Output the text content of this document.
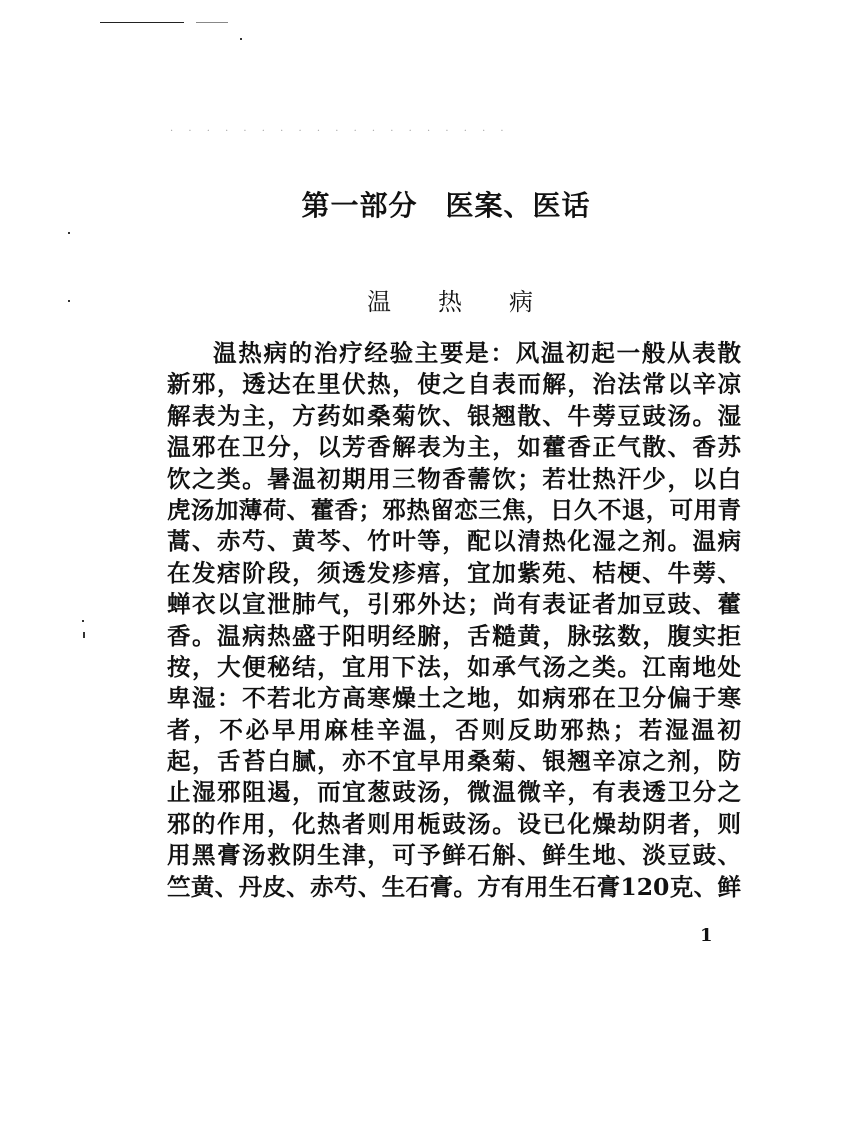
· · · · · · · · · · · · · · · · · · ·
第一部分 医案、医话
温 热 病
温热病的治疗经验主要是：风温初起一般从表散
新邪，透达在里伏热，使之自表而解，治法常以辛凉
解表为主，方药如桑菊饮、银翘散、牛蒡豆豉汤。湿
温邪在卫分，以芳香解表为主，如藿香正气散、香苏
饮之类。暑温初期用三物香薷饮；若壮热汗少，以白
虎汤加薄荷、藿香；邪热留恋三焦，日久不退，可用青
蒿、赤芍、黄芩、竹叶等，配以清热化湿之剂。温病
在发痞阶段，须透发疹痦，宜加紫苑、桔梗、牛蒡、
蝉衣以宣泄肺气，引邪外达；尚有表证者加豆豉、藿
香。温病热盛于阳明经腑，舌糙黄，脉弦数，腹实拒
按，大便秘结，宜用下法，如承气汤之类。江南地处
卑湿：不若北方高寒燥土之地，如病邪在卫分偏于寒
者，不必早用麻桂辛温，否则反助邪热；若湿温初
起，舌苔白腻，亦不宜早用桑菊、银翘辛凉之剂，防
止湿邪阻遏，而宜葱豉汤，微温微辛，有表透卫分之
邪的作用，化热者则用栀豉汤。设已化燥劫阴者，则
用黑膏汤救阴生津，可予鲜石斛、鲜生地、淡豆豉、
竺黄、丹皮、赤芍、生石膏。方有用生石膏120克、鲜
1
